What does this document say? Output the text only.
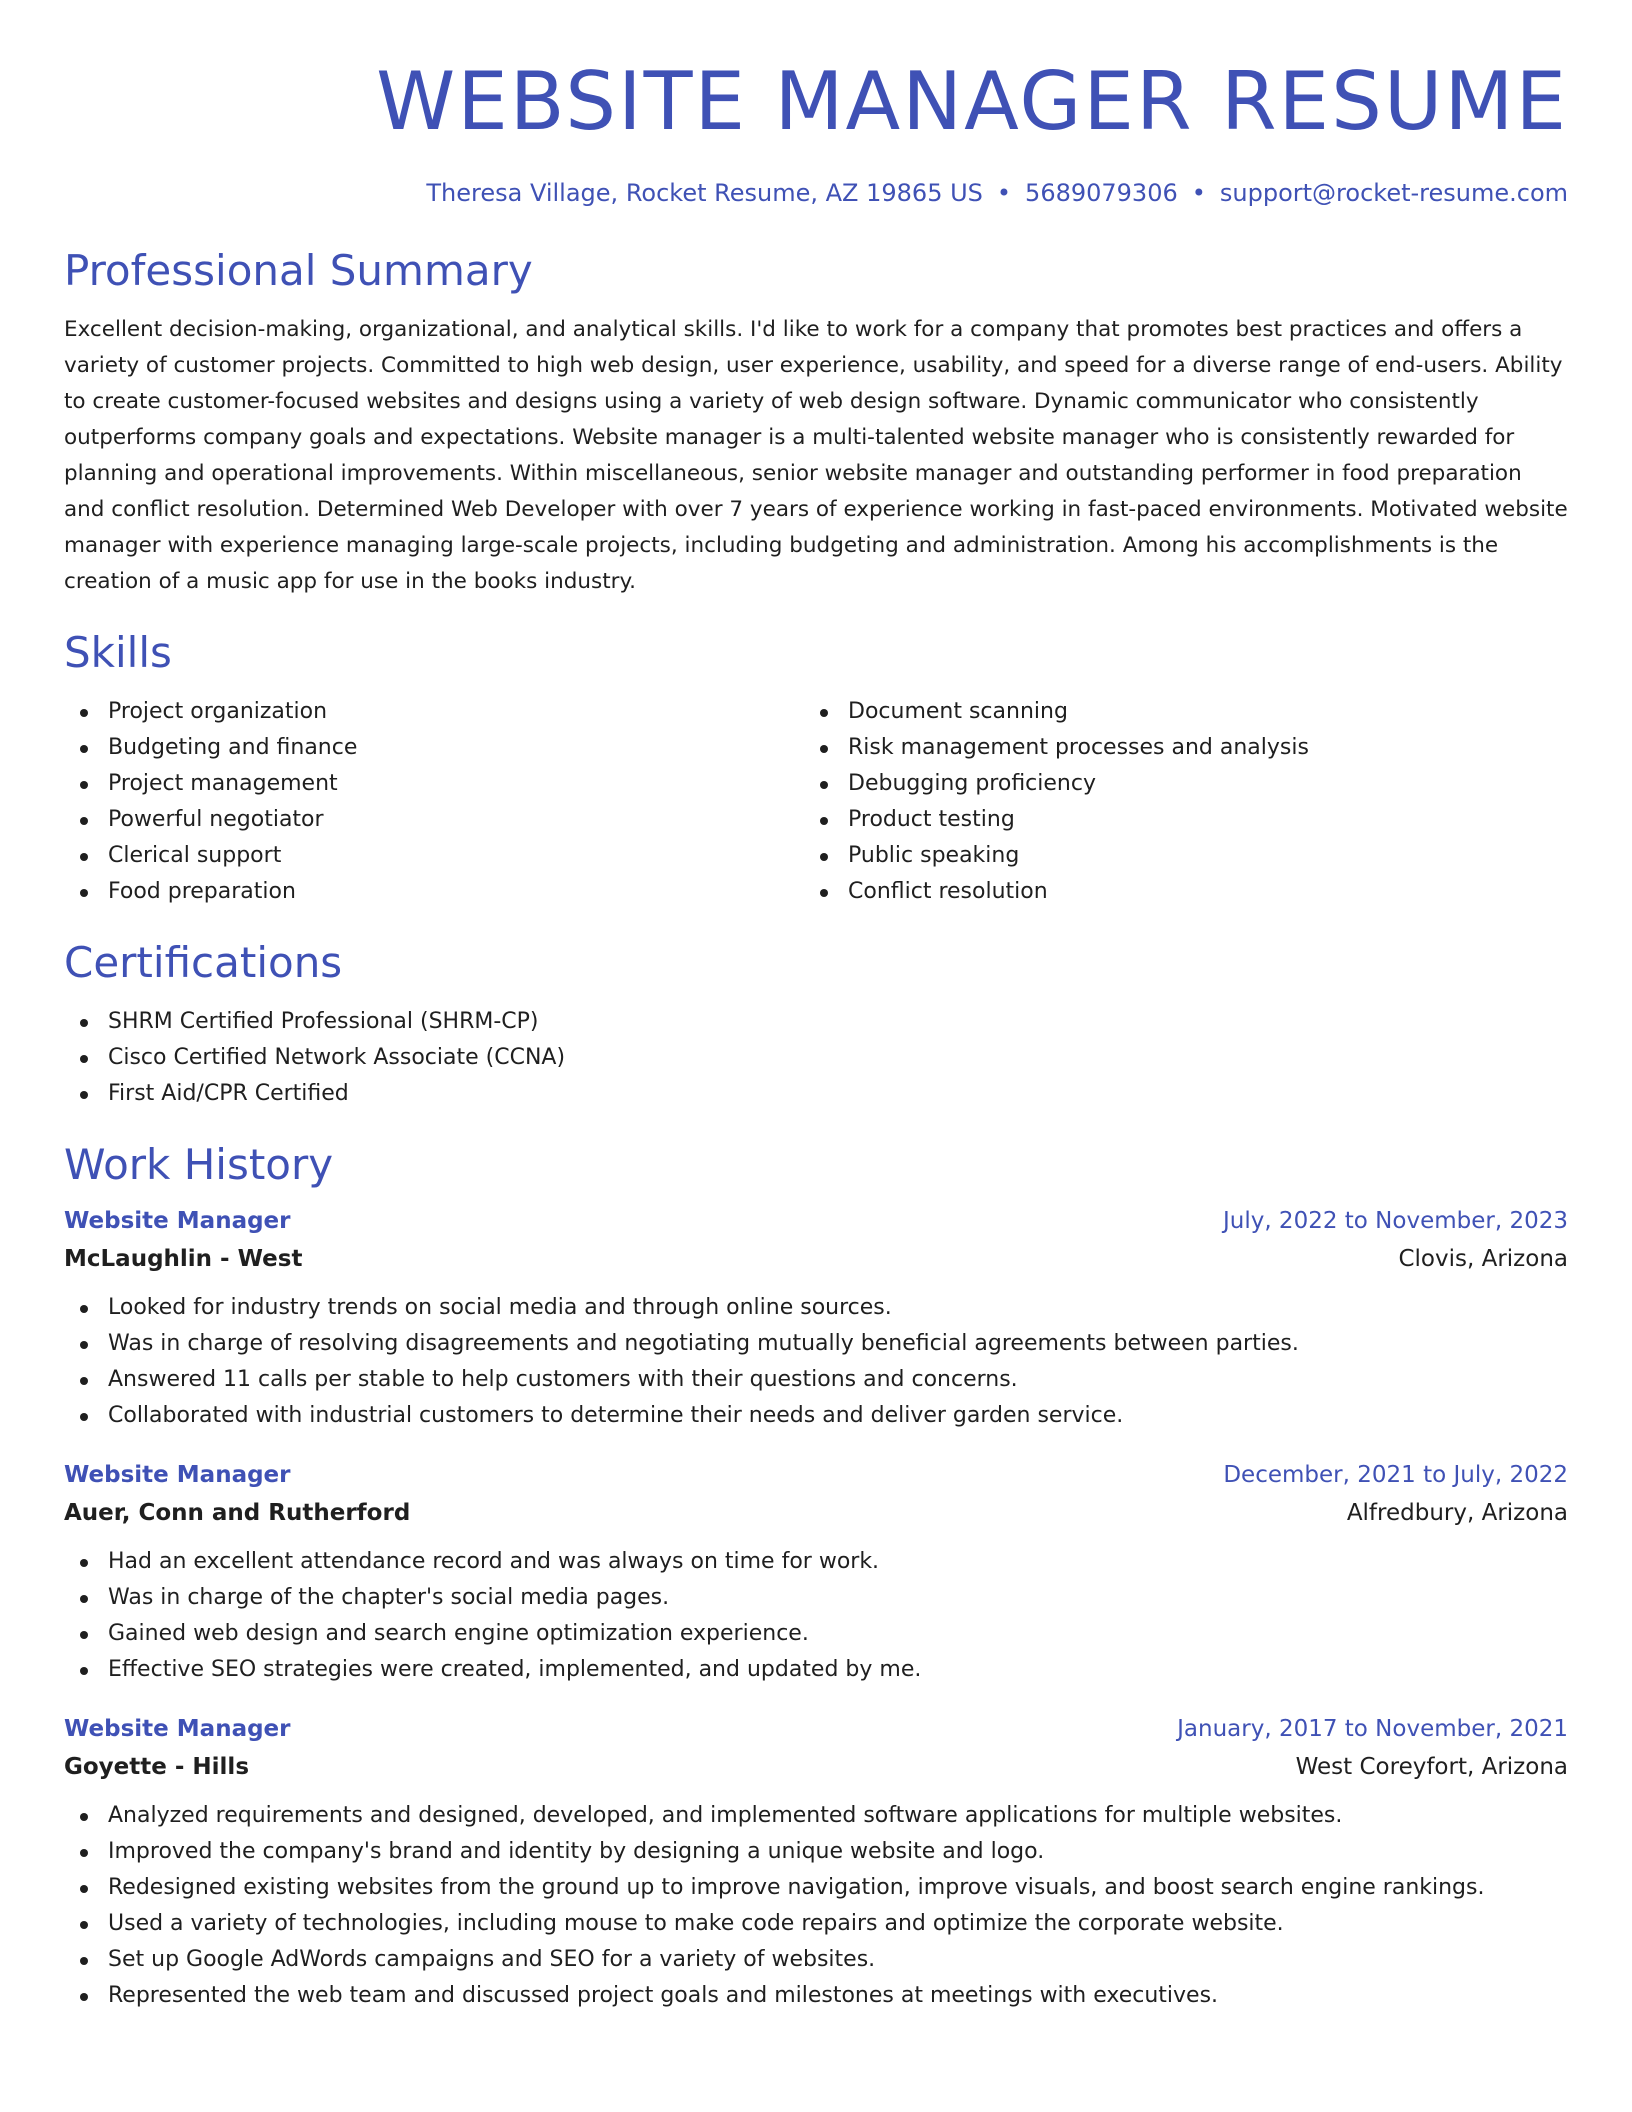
WEBSITE MANAGER RESUME
Theresa Village, Rocket Resume, AZ 19865 US • 5689079306 • support@rocket-resume.com
Professional Summary

Excellent decision-making, organizational, and analytical skills. I'd like to work for a company that promotes best practices and offers a variety of customer projects. Committed to high web design, user experience, usability, and speed for a diverse range of end-users. Ability to create customer-focused websites and designs using a variety of web design software. Dynamic communicator who consistently outperforms company goals and expectations. Website manager is a multi-talented website manager who is consistently rewarded for planning and operational improvements. Within miscellaneous, senior website manager and outstanding performer in food preparation and conflict resolution. Determined Web Developer with over 7 years of experience working in fast-paced environments. Motivated website manager with experience managing large-scale projects, including budgeting and administration. Among his accomplishments is the creation of a music app for use in the books industry.

Skills
Project organization
Budgeting and finance
Project management
Powerful negotiator
Clerical support
Food preparation
Document scanning
Risk management processes and analysis
Debugging proficiency
Product testing
Public speaking
Conflict resolution
Certifications
SHRM Certified Professional (SHRM-CP)
Cisco Certified Network Associate (CCNA)
First Aid/CPR Certified
Work History
Website Manager	July, 2022 to November, 2023
McLaughlin - West	Clovis, Arizona
Looked for industry trends on social media and through online sources.
Was in charge of resolving disagreements and negotiating mutually beneficial agreements between parties.
Answered 11 calls per stable to help customers with their questions and concerns.
Collaborated with industrial customers to determine their needs and deliver garden service.
Website Manager	December, 2021 to July, 2022
Auer, Conn and Rutherford	Alfredbury, Arizona
Had an excellent attendance record and was always on time for work.
Was in charge of the chapter's social media pages.
Gained web design and search engine optimization experience.
Effective SEO strategies were created, implemented, and updated by me.
Website Manager	January, 2017 to November, 2021
Goyette - Hills	West Coreyfort, Arizona
Analyzed requirements and designed, developed, and implemented software applications for multiple websites.
Improved the company's brand and identity by designing a unique website and logo.
Redesigned existing websites from the ground up to improve navigation, improve visuals, and boost search engine rankings.
Used a variety of technologies, including mouse to make code repairs and optimize the corporate website.
Set up Google AdWords campaigns and SEO for a variety of websites.
Represented the web team and discussed project goals and milestones at meetings with executives.
